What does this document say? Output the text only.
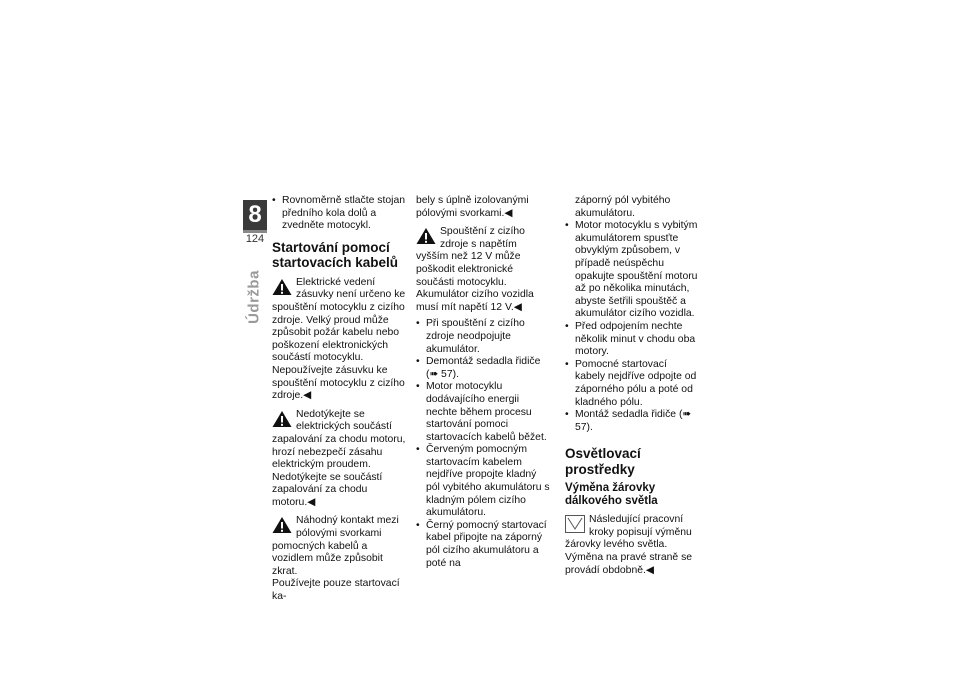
8
124
Údržba

• Rovnoměrně stlačte stojan předního kola dolů a zvedněte motocykl.

Startování pomocí startovacích kabelů

Elektrické vedení zásuvky není určeno ke spouštění motocyklu z cizího zdroje. Velký proud může způsobit požár kabelu nebo poškození elektronických součástí motocyklu. Nepoužívejte zásuvku ke spouštění motocyklu z cizího zdroje.◀

Nedotýkejte se elektrických součástí zapalování za chodu motoru, hrozí nebezpečí zásahu elektrickým proudem. Nedotýkejte se součástí zapalování za chodu motoru.◀

Náhodný kontakt mezi pólovými svorkami pomocných kabelů a vozidlem může způsobit zkrat.

Používejte pouze startovací ka-

bely s úplně izolovanými pólovými svorkami.◀

Spouštění z cizího zdroje s napětím vyšším než 12 V může poškodit elektronické součásti motocyklu.

Akumulátor cizího vozidla musí mít napětí 12 V.◀

• Při spouštění z cizího zdroje neodpojujte akumulátor.

• Demontáž sedadla řidiče (➠ 57).

• Motor motocyklu dodávajícího energii nechte během procesu startování pomoci startovacích kabelů běžet.

• Červeným pomocným startovacím kabelem nejdříve propojte kladný pól vybitého akumulátoru s kladným pólem cizího akumulátoru.

• Černý pomocný startovací kabel připojte na záporný pól cizího akumulátoru a poté na

záporný pól vybitého akumulátoru.

• Motor motocyklu s vybitým akumulátorem spusťte obvyklým způsobem, v případě neúspěchu opakujte spouštění motoru až po několika minutách, abyste šetřili spouštěč a akumulátor cizího vozidla.

• Před odpojením nechte několik minut v chodu oba motory.

• Pomocné startovací kabely nejdříve odpojte od záporného pólu a poté od kladného pólu.

• Montáž sedadla řidiče (➠ 57).

Osvětlovací prostředky
Výměna žárovky dálkového světla

Následující pracovní kroky popisují výměnu žárovky levého světla. Výměna na pravé straně se provádí obdobně.◀
